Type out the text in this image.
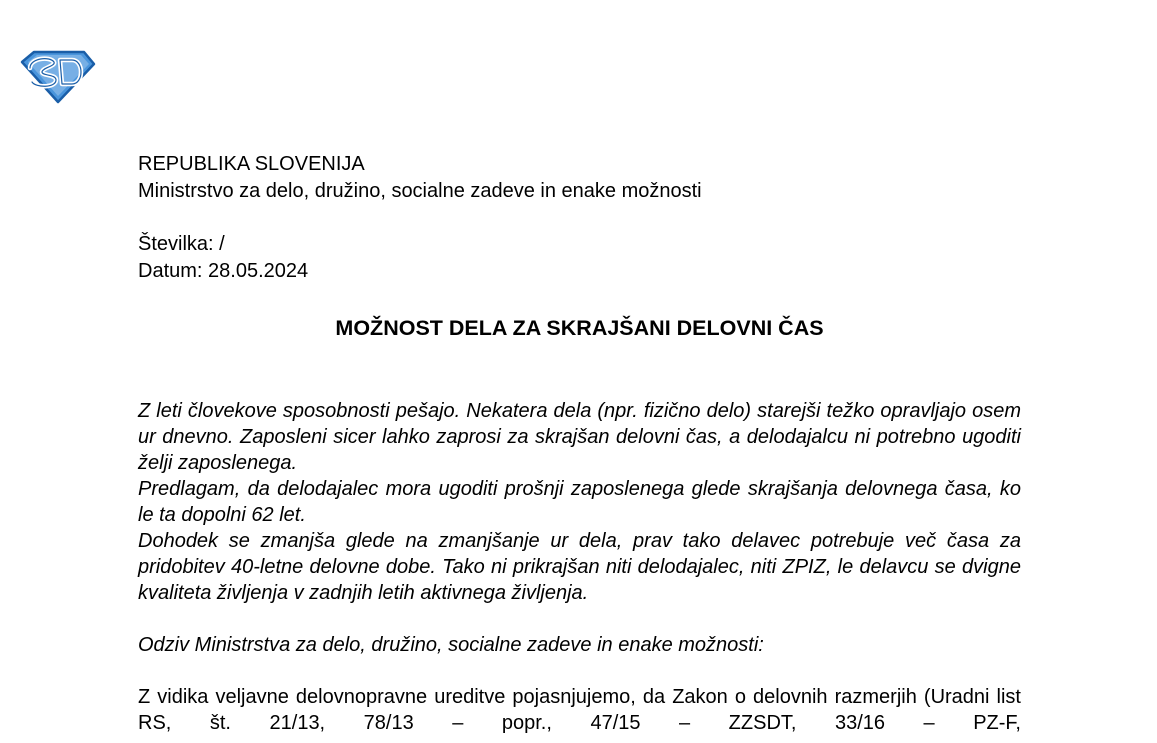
REPUBLIKA SLOVENIJA
Ministrstvo za delo, družino, socialne zadeve in enake možnosti
Številka: /
Datum: 28.05.2024
MOŽNOST DELA ZA SKRAJŠANI DELOVNI ČAS

Z leti človekove sposobnosti pešajo. Nekatera dela (npr. fizično delo) starejši težko opravljajo osem ur dnevno. Zaposleni sicer lahko zaprosi za skrajšan delovni čas, a delodajalcu ni potrebno ugoditi želji zaposlenega.

Predlagam, da delodajalec mora ugoditi prošnji zaposlenega glede skrajšanja delovnega časa, ko le ta dopolni 62 let.

Dohodek se zmanjša glede na zmanjšanje ur dela, prav tako delavec potrebuje več časa za pridobitev 40-letne delovne dobe. Tako ni prikrajšan niti delodajalec, niti ZPIZ, le delavcu se dvigne kvaliteta življenja v zadnjih letih aktivnega življenja.

Odziv Ministrstva za delo, družino, socialne zadeve in enake možnosti:

Z vidika veljavne delovnopravne ureditve pojasnjujemo, da Zakon o delovnih razmerjih (Uradni list RS, št. 21/13, 78/13 – popr., 47/15 – ZZSDT, 33/16 – PZ-F,
